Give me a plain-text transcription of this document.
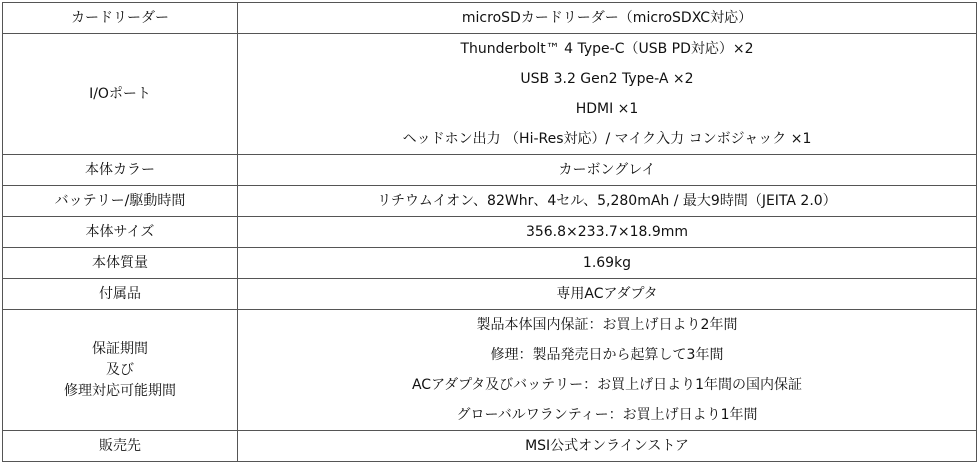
カードリーダー	microSDカードリーダー（microSDXC対応）

I/Oポート	Thunderbolt™ 4 Type-C（USB PD対応）×2
USB 3.2 Gen2 Type-A ×2
HDMI ×1
ヘッドホン出力 （Hi-Res対応）/ マイク入力 コンボジャック ×1

本体カラー	カーボングレイ

バッテリー/駆動時間	リチウムイオン、82Whr、4セル、5,280mAh / 最大9時間（JEITA 2.0）

本体サイズ	356.8×233.7×18.9mm

本体質量	1.69kg

付属品	専用ACアダプタ

保証期間
及び
修理対応可能期間	製品本体国内保証：お買上げ日より2年間
修理：製品発売日から起算して3年間
ACアダプタ及びバッテリー：お買上げ日より1年間の国内保証
グローバルワランティー：お買上げ日より1年間

販売先	MSI公式オンラインストア
